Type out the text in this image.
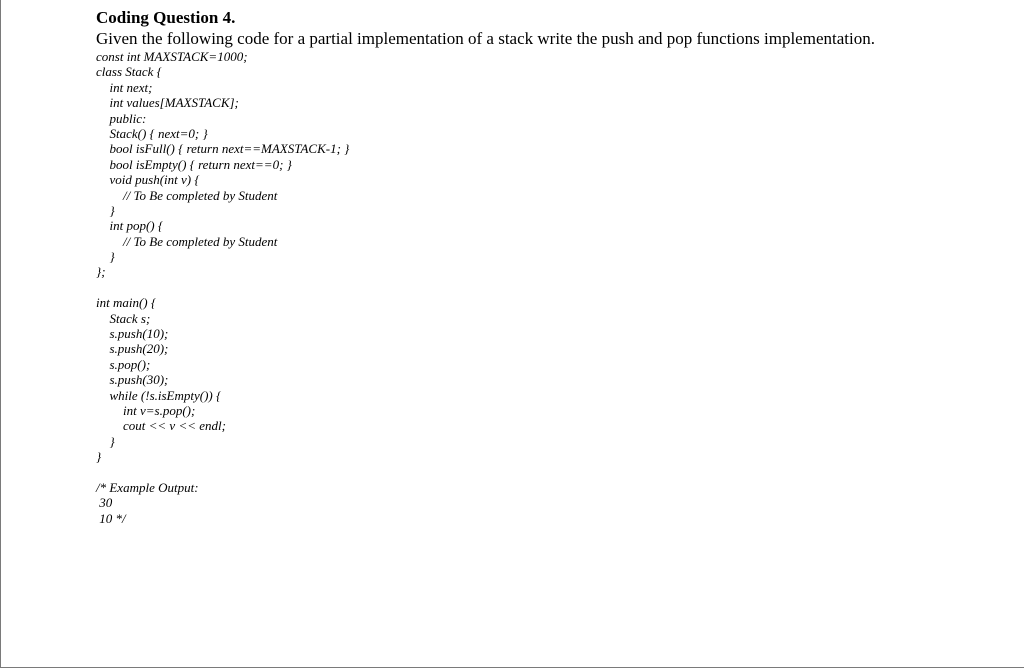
Coding Question 4.

Given the following code for a partial implementation of a stack write the push and pop functions implementation.

const int MAXSTACK=1000;
class Stack {
int next;
int values[MAXSTACK];
public:
Stack() { next=0; }
bool isFull() { return next==MAXSTACK-1; }
bool isEmpty() { return next==0; }
void push(int v) {
// To Be completed by Student
}
int pop() {
// To Be completed by Student
}
};
int main() {
Stack s;
s.push(10);
s.push(20);
s.pop();
s.push(30);
while (!s.isEmpty()) {
int v=s.pop();
cout << v << endl;
}
}
/* Example Output:
30
10 */
